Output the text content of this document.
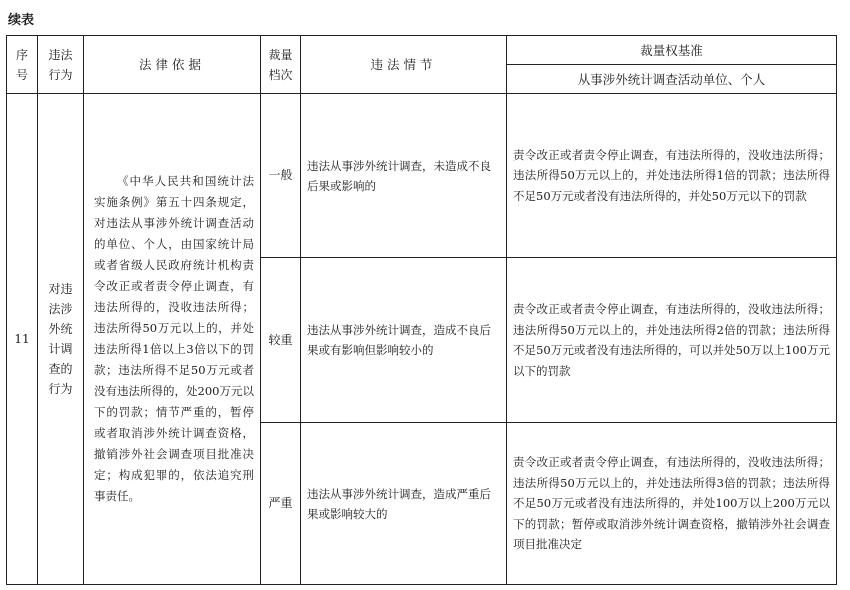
续表
序号	违法行为	法律依据	裁量档次	违法情节	裁量权基准
					从事涉外统计调查活动单位、个人
11	对违法涉外统计调查的行为	《中华人民共和国统计法实施条例》第五十四条规定，对违法从事涉外统计调查活动的单位、个人，由国家统计局或者省级人民政府统计机构责令改正或者责令停止调查，有违法所得的，没收违法所得；违法所得50万元以上的，并处违法所得1倍以上3倍以下的罚款；违法所得不足50万元或者没有违法所得的，处200万元以下的罚款；情节严重的，暂停或者取消涉外统计调查资格，撤销涉外社会调查项目批准决定；构成犯罪的，依法追究刑事责任。	一般	违法从事涉外统计调查，未造成不良后果或影响的	责令改正或者责令停止调查，有违法所得的，没收违法所得；违法所得50万元以上的，并处违法所得1倍的罚款；违法所得不足50万元或者没有违法所得的，并处50万元以下的罚款
			较重	违法从事涉外统计调查，造成不良后果或有影响但影响较小的	责令改正或者责令停止调查，有违法所得的，没收违法所得；违法所得50万元以上的，并处违法所得2倍的罚款；违法所得不足50万元或者没有违法所得的，可以并处50万以上100万元以下的罚款
			严重	违法从事涉外统计调查，造成严重后果或影响较大的	责令改正或者责令停止调查，有违法所得的，没收违法所得；违法所得50万元以上的，并处违法所得3倍的罚款；违法所得不足50万元或者没有违法所得的，并处100万以上200万元以下的罚款；暂停或取消涉外统计调查资格，撤销涉外社会调查项目批准决定
